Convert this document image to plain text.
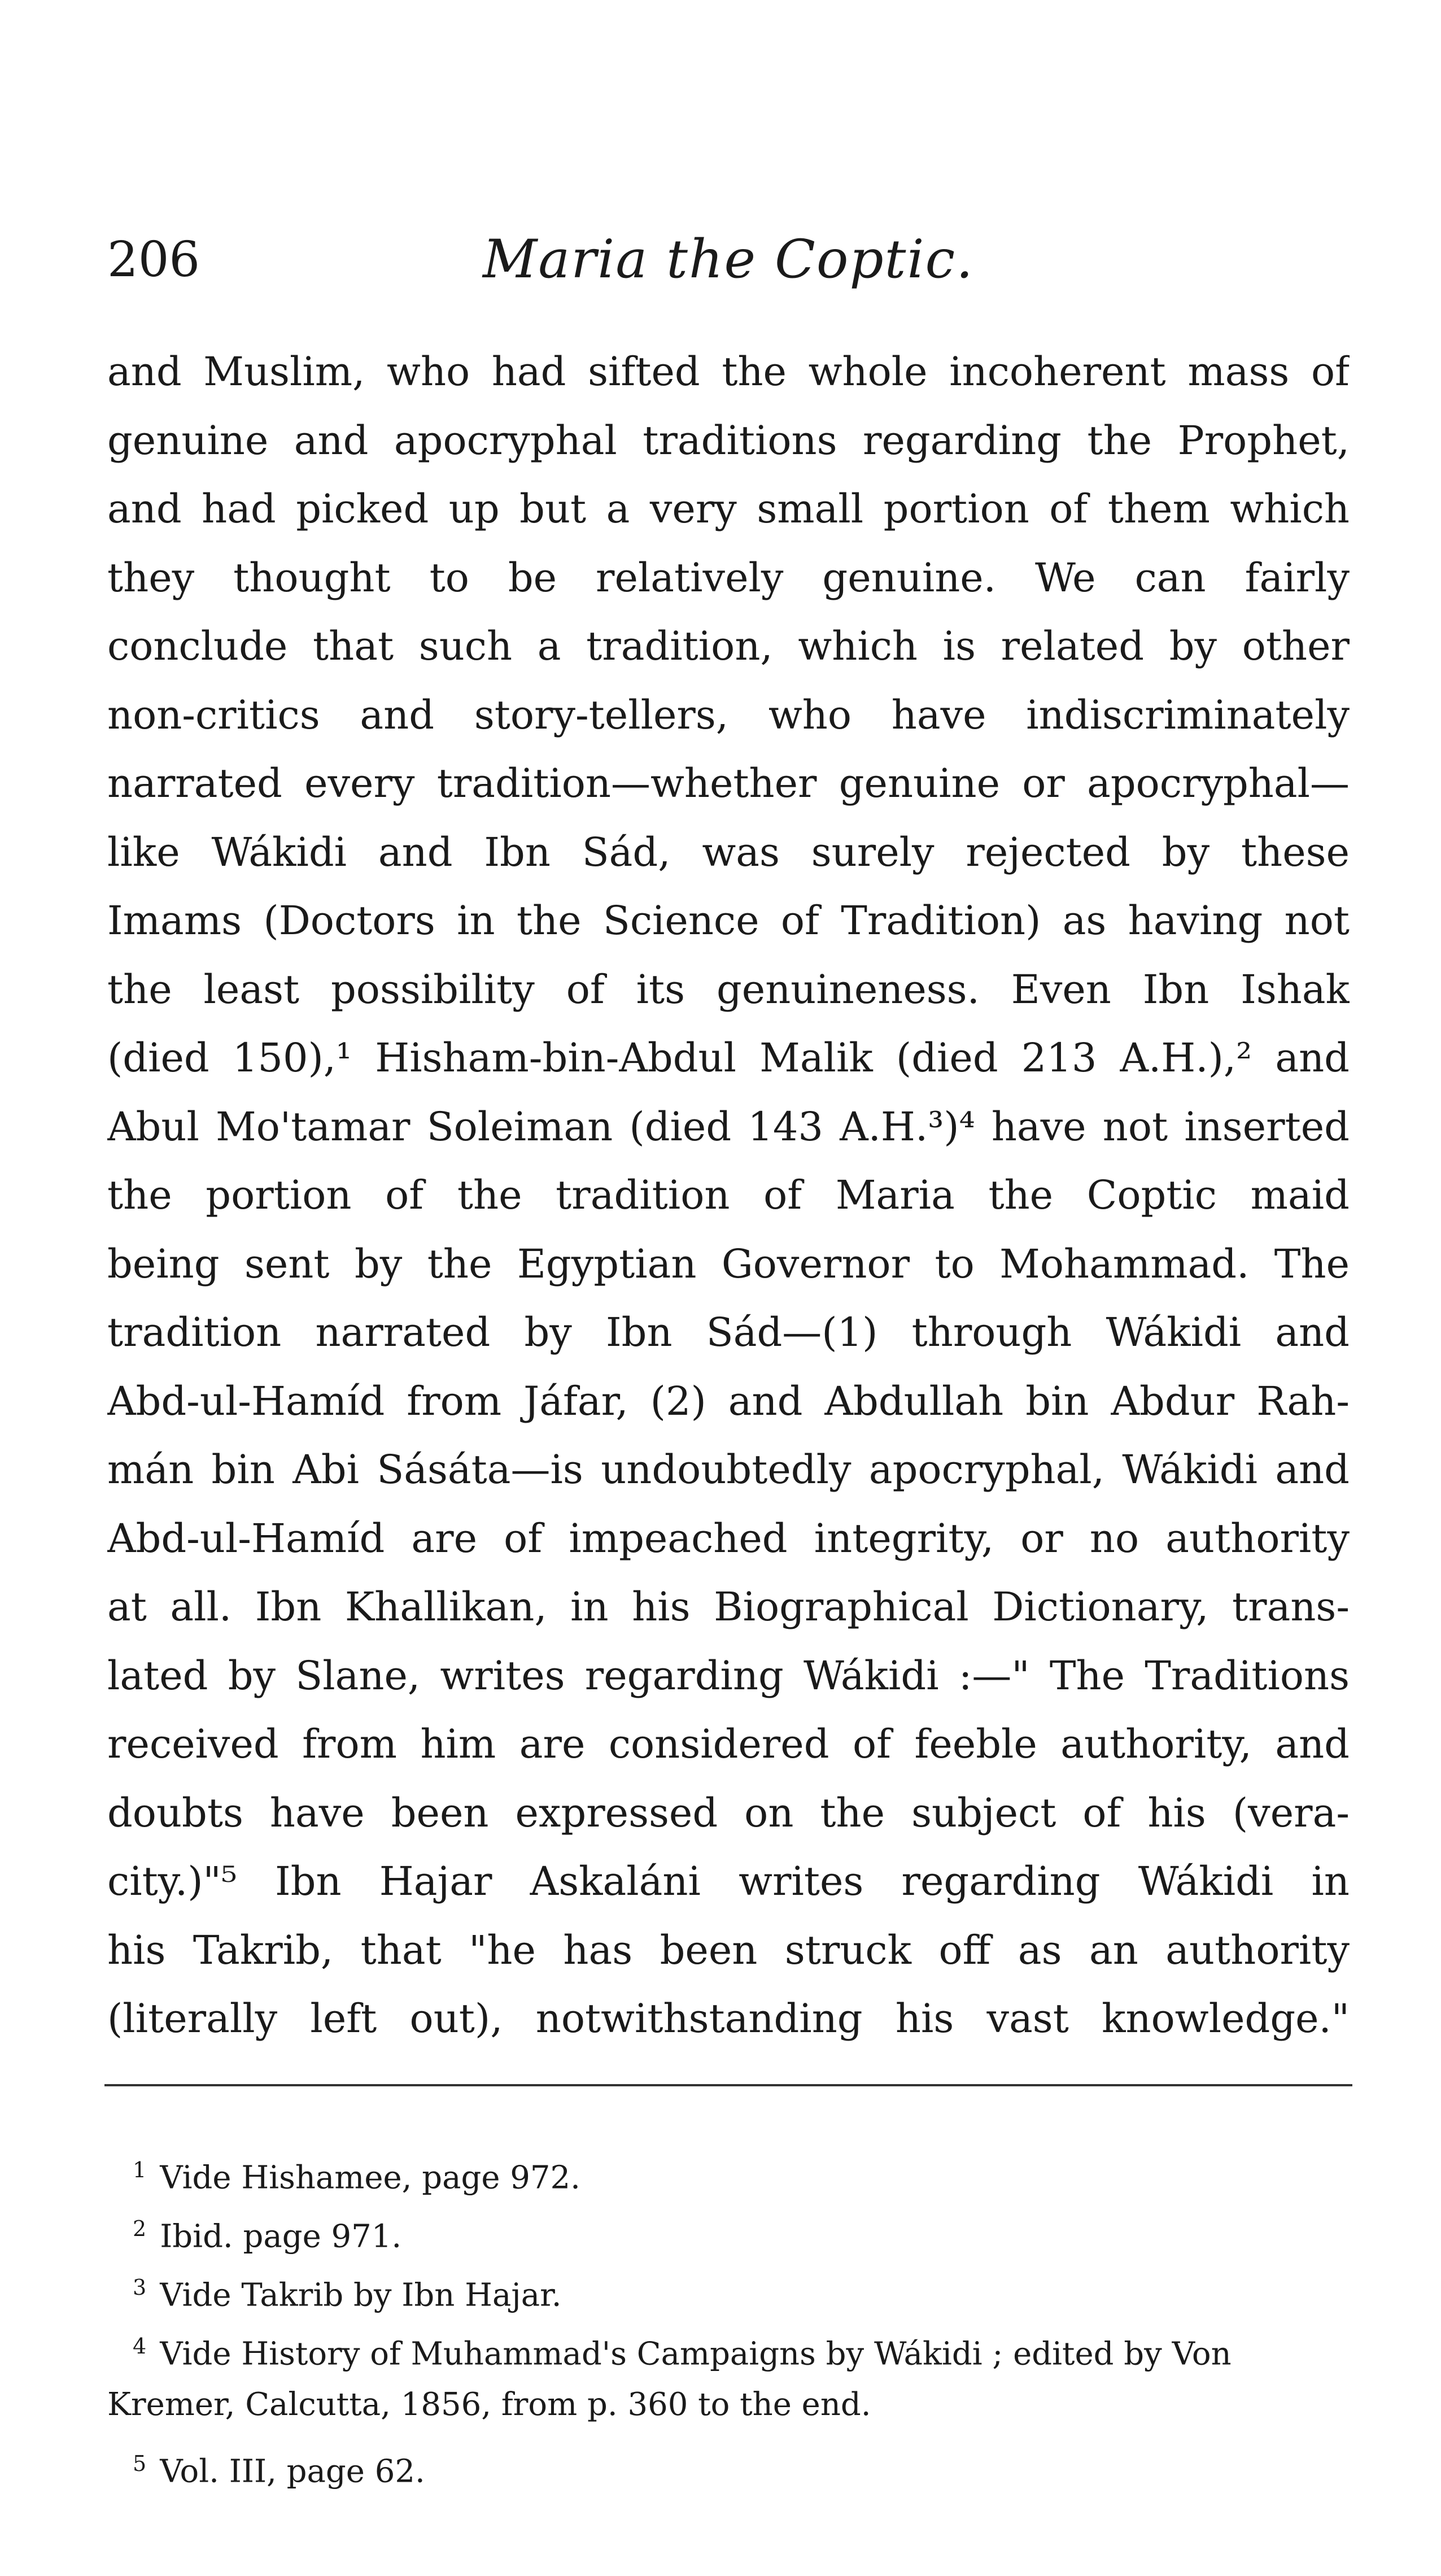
206	Maria the Coptic.
and Muslim, who had sifted the whole incoherent mass of
genuine and apocryphal traditions regarding the Prophet,
and had picked up but a very small portion of them which
they thought to be relatively genuine. We can fairly
conclude that such a tradition, which is related by other
non-critics and story-tellers, who have indiscriminately
narrated every tradition—whether genuine or apocryphal—
like Wákidi and Ibn Sád, was surely rejected by these
Imams (Doctors in the Science of Tradition) as having not
the least possibility of its genuineness. Even Ibn Ishak
(died 150),¹ Hisham-bin-Abdul Malik (died 213 A.H.),² and
Abul Mo'tamar Soleiman (died 143 A.H.³)⁴ have not inserted
the portion of the tradition of Maria the Coptic maid
being sent by the Egyptian Governor to Mohammad. The
tradition narrated by Ibn Sád—(1) through Wákidi and
Abd-ul-Hamíd from Jáfar, (2) and Abdullah bin Abdur Rah-
mán bin Abi Sásáta—is undoubtedly apocryphal, Wákidi and
Abd-ul-Hamíd are of impeached integrity, or no authority
at all. Ibn Khallikan, in his Biographical Dictionary, trans-
lated by Slane, writes regarding Wákidi :—" The Traditions
received from him are considered of feeble authority, and
doubts have been expressed on the subject of his (vera-
city.)"⁵ Ibn Hajar Askaláni writes regarding Wákidi in
his Takrib, that "he has been struck off as an authority
(literally left out), notwithstanding his vast knowledge."
$^1$ Vide Hishamee, page 972.
$^2$ Ibid. page 971.
$^3$ Vide Takrib by Ibn Hajar.
$^4$ Vide History of Muhammad's Campaigns by Wákidi ; edited by Von
Kremer, Calcutta, 1856, from p. 360 to the end.
$^5$ Vol. III, page 62.
